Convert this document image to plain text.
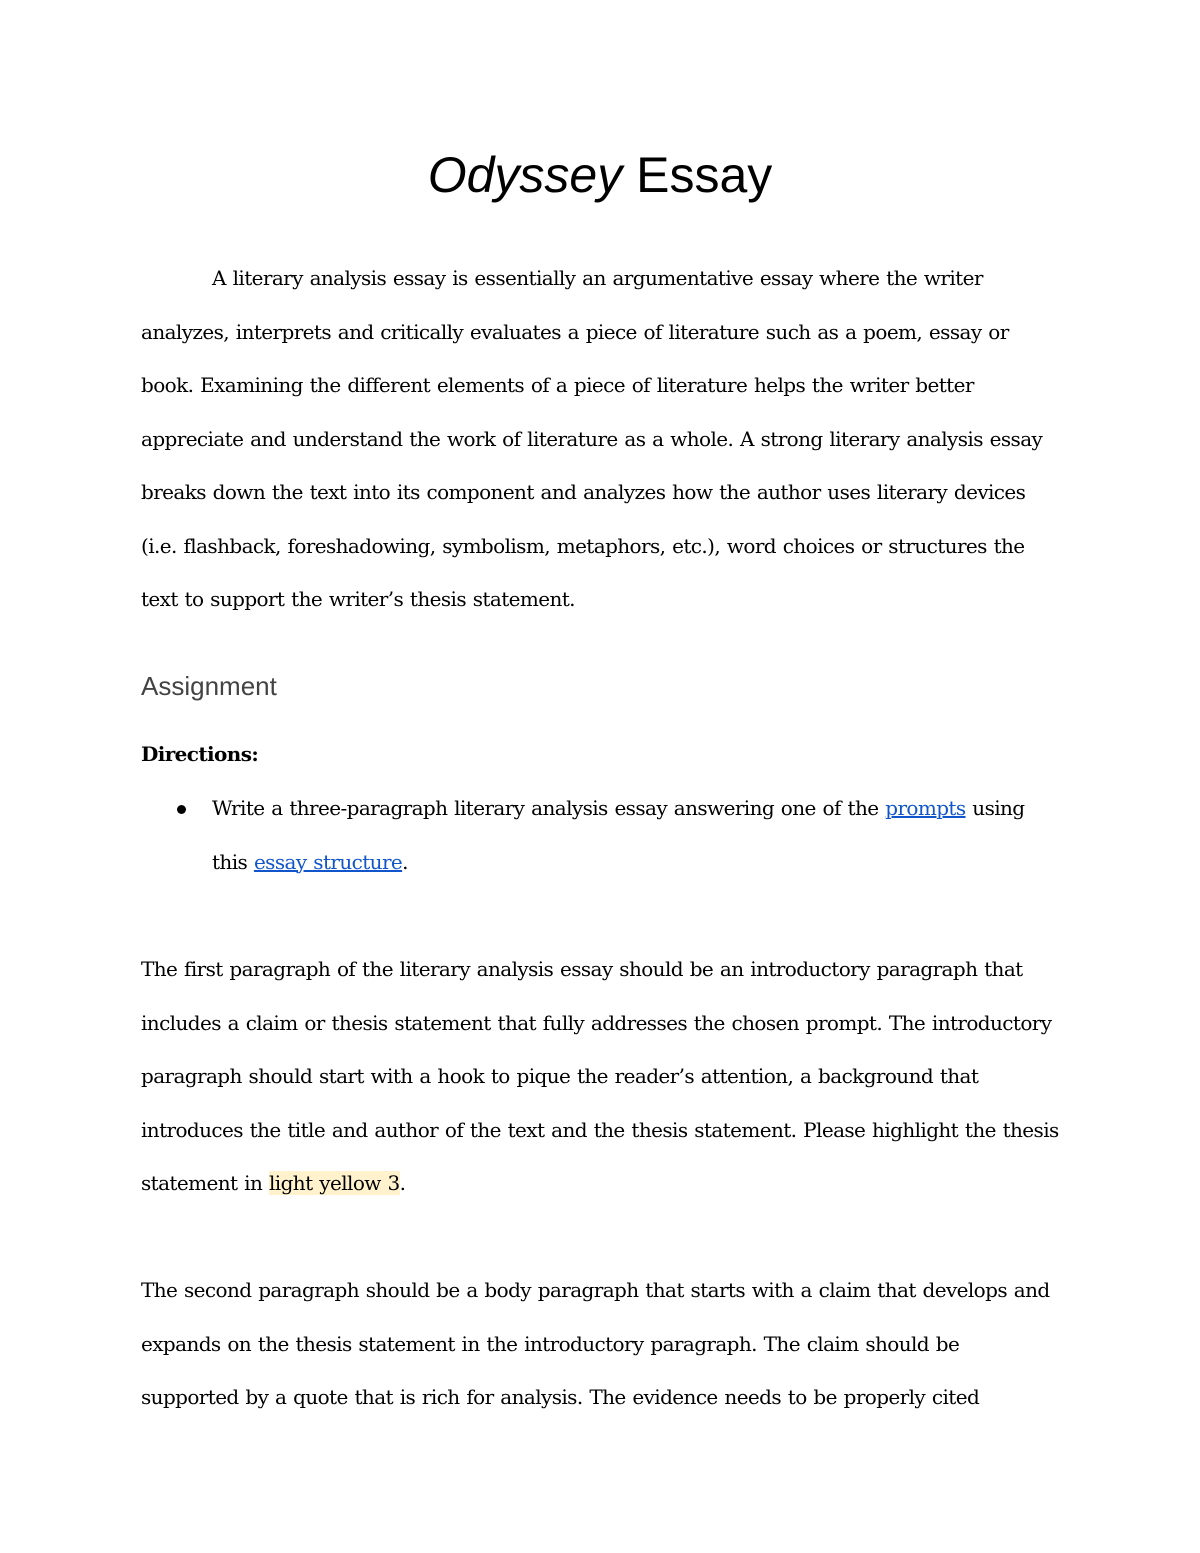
Odyssey Essay

A literary analysis essay is essentially an argumentative essay where the writer analyzes, interprets and critically evaluates a piece of literature such as a poem, essay or book. Examining the different elements of a piece of literature helps the writer better appreciate and understand the work of literature as a whole. A strong literary analysis essay breaks down the text into its component and analyzes how the author uses literary devices (i.e. flashback, foreshadowing, symbolism, metaphors, etc.), word choices or structures the text to support the writer’s thesis statement.

Assignment

Directions:

Write a three-paragraph literary analysis essay answering one of the prompts using this essay structure.

The first paragraph of the literary analysis essay should be an introductory paragraph that includes a claim or thesis statement that fully addresses the chosen prompt. The introductory paragraph should start with a hook to pique the reader’s attention, a background that introduces the title and author of the text and the thesis statement. Please highlight the thesis statement in light yellow 3.

The second paragraph should be a body paragraph that starts with a claim that develops and expands on the thesis statement in the introductory paragraph. The claim should be supported by a quote that is rich for analysis. The evidence needs to be properly cited
